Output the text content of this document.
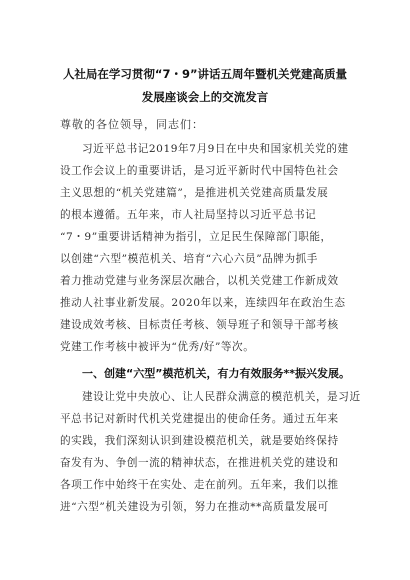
人社局在学习贯彻“7・9”讲话五周年暨机关党建高质量
发展座谈会上的交流发言
尊敬的各位领导，同志们：
习近平总书记2019年7月9日在中央和国家机关党的建
设工作会议上的重要讲话，是习近平新时代中国特色社会
主义思想的“机关党建篇”，是推进机关党建高质量发展
的根本遵循。五年来，市人社局坚持以习近平总书记
“7・9”重要讲话精神为指引，立足民生保障部门职能，
以创建“六型”模范机关、培育“六心六员”品牌为抓手
着力推动党建与业务深层次融合，以机关党建工作新成效
推动人社事业新发展。2020年以来，连续四年在政治生态
建设成效考核、目标责任考核、领导班子和领导干部考核
党建工作考核中被评为“优秀/好”等次。
一、创建“六型”模范机关，有力有效服务**振兴发展。
建设让党中央放心、让人民群众满意的模范机关，是习近
平总书记对新时代机关党建提出的使命任务。通过五年来
的实践，我们深刻认识到建设模范机关，就是要始终保持
奋发有为、争创一流的精神状态，在推进机关党的建设和
各项工作中始终干在实处、走在前列。五年来，我们以推
进“六型”机关建设为引领，努力在推动**高质量发展可
